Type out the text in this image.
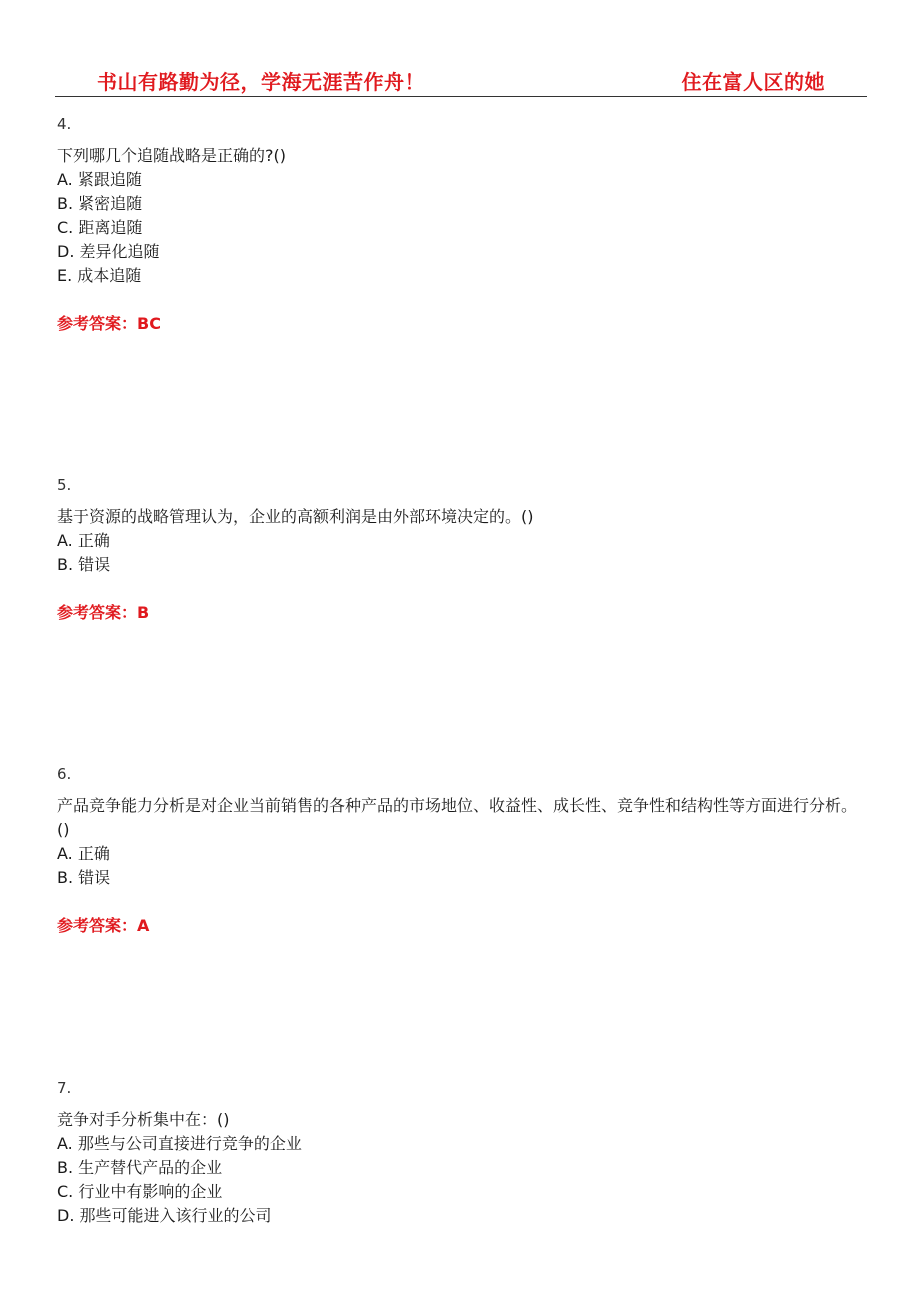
书山有路勤为径，学海无涯苦作舟！	住在富人区的她
4.
下列哪几个追随战略是正确的?()
A. 紧跟追随
B. 紧密追随
C. 距离追随
D. 差异化追随
E. 成本追随
参考答案：BC
5.
基于资源的战略管理认为，企业的高额利润是由外部环境决定的。()
A. 正确
B. 错误
参考答案：B
6.
产品竞争能力分析是对企业当前销售的各种产品的市场地位、收益性、成长性、竞争性和结构性等方面进行分析。()
A. 正确
B. 错误
参考答案：A
7.
竞争对手分析集中在：()
A. 那些与公司直接进行竞争的企业
B. 生产替代产品的企业
C. 行业中有影响的企业
D. 那些可能进入该行业的公司
